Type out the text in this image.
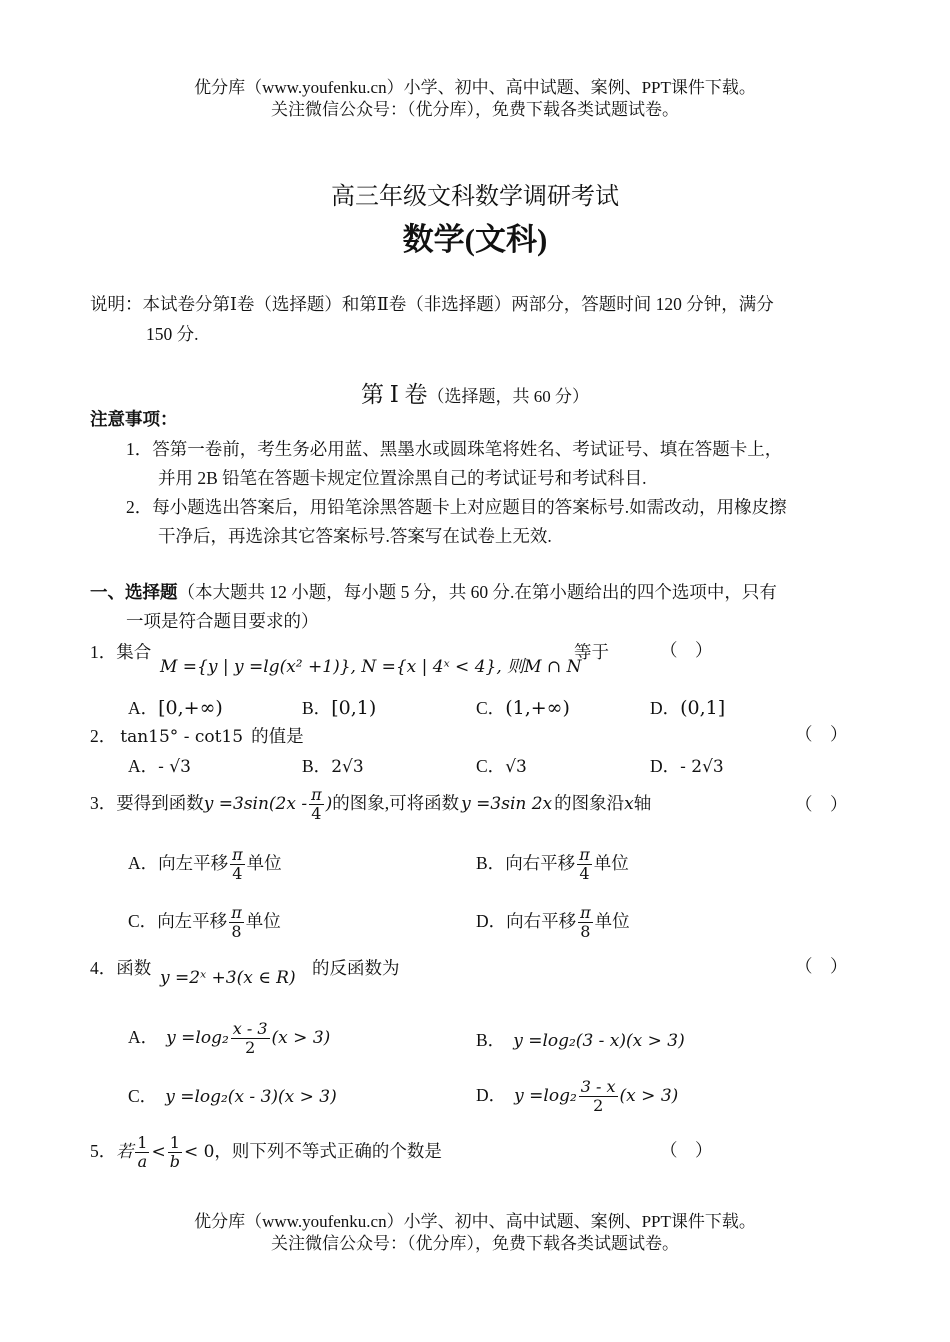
优分库（www.youfenku.cn）小学、初中、高中试题、案例、PPT课件下载。
关注微信公众号：（优分库），免费下载各类试题试卷。
高三年级文科数学调研考试
数学(文科)
说明：本试卷分第Ⅰ卷（选择题）和第Ⅱ卷（非选择题）两部分，答题时间 120 分钟，满分
150 分.
第 Ⅰ 卷（选择题，共 60 分）
注意事项：
1．答第一卷前，考生务必用蓝、黑墨水或圆珠笔将姓名、考试证号、填在答题卡上，
并用 2B 铅笔在答题卡规定位置涂黑自己的考试证号和考试科目.
2．每小题选出答案后，用铅笔涂黑答题卡上对应题目的答案标号.如需改动，用橡皮擦
干净后，再选涂其它答案标号.答案写在试卷上无效.
一、选择题（本大题共 12 小题，每小题 5 分，共 60 分.在第小题给出的四个选项中，只有
一项是符合题目要求的）
1．集合
M ={y | y =lg(x² +1)}, N ={x | 4ˣ < 4}, 则M ∩ N
等于	（　）
A．[0,+∞)	B．[0,1)	C．(1,+∞)	D．(0,1]
2． tan15° - cot15 的值是	（　）
A．- √3	B．2√3	C．√3	D．- 2√3
3．要得到函数$y =3\sin(2x - \frac{\pi}{4}$ )的图象,可将函数 y =3sin 2x 的图象沿x轴	（　）
A．向左平移 $\frac{\pi}{4}$ 单位	B．向右平移 $\frac{\pi}{4}$ 单位
C．向左平移 $\frac{\pi}{8}$ 单位	D．向右平移 $\frac{\pi}{8}$ 单位
4．函数 y =2ˣ +3(x ∈ R) 的反函数为	（　）
A． $y =\log_2 \frac{x - 3}{2} (x > 3)$	B． y =log₂(3 - x)(x > 3)
C． y =log₂(x - 3)(x > 3)	D． $y =\log_2 \frac{3 - x}{2} (x > 3)$
5．若 $\frac{1}{a} < \frac{1}{b} < 0$，则下列不等式正确的个数是	（　）
优分库（www.youfenku.cn）小学、初中、高中试题、案例、PPT课件下载。
关注微信公众号：（优分库），免费下载各类试题试卷。
